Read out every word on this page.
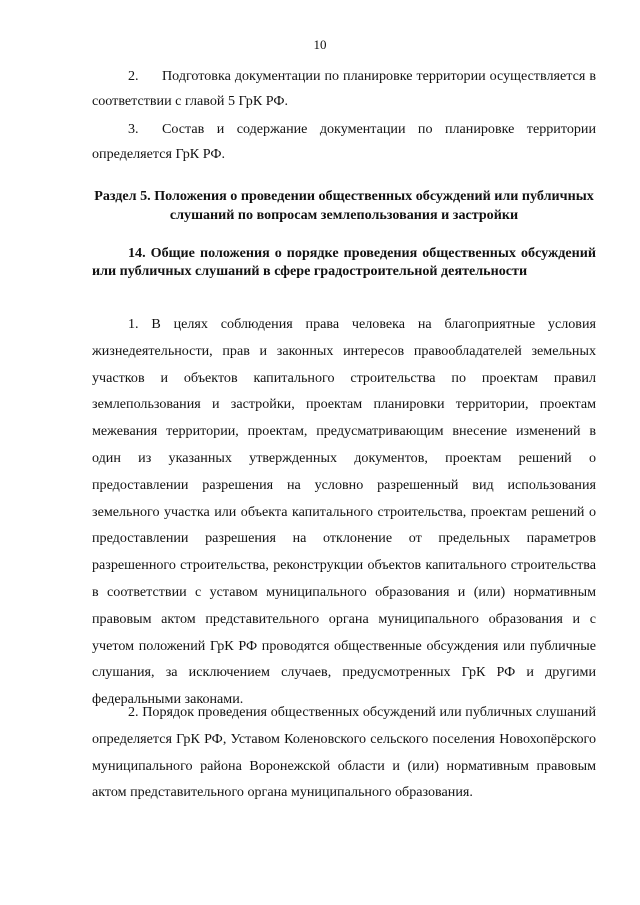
10

2. Подготовка документации по планировке территории осуществляется в соответствии с главой 5 ГрК РФ.

3. Состав и содержание документации по планировке территории определяется ГрК РФ.

Раздел 5. Положения о проведении общественных обсуждений или публичных слушаний по вопросам землепользования и застройки

14. Общие положения о порядке проведения общественных обсуждений или публичных слушаний в сфере градостроительной деятельности

1. В целях соблюдения права человека на благоприятные условия жизнедеятельности, прав и законных интересов правообладателей земельных участков и объектов капитального строительства по проектам правил землепользования и застройки, проектам планировки территории, проектам межевания территории, проектам, предусматривающим внесение изменений в один из указанных утвержденных документов, проектам решений о предоставлении разрешения на условно разрешенный вид использования земельного участка или объекта капитального строительства, проектам решений о предоставлении разрешения на отклонение от предельных параметров разрешенного строительства, реконструкции объектов капитального строительства в соответствии с уставом муниципального образования и (или) нормативным правовым актом представительного органа муниципального образования и с учетом положений ГрК РФ проводятся общественные обсуждения или публичные слушания, за исключением случаев, предусмотренных ГрК РФ и другими федеральными законами.

2. Порядок проведения общественных обсуждений или публичных слушаний определяется ГрК РФ, Уставом Коленовского сельского поселения Новохопёрского муниципального района Воронежской области и (или) нормативным правовым актом представительного органа муниципального образования.
